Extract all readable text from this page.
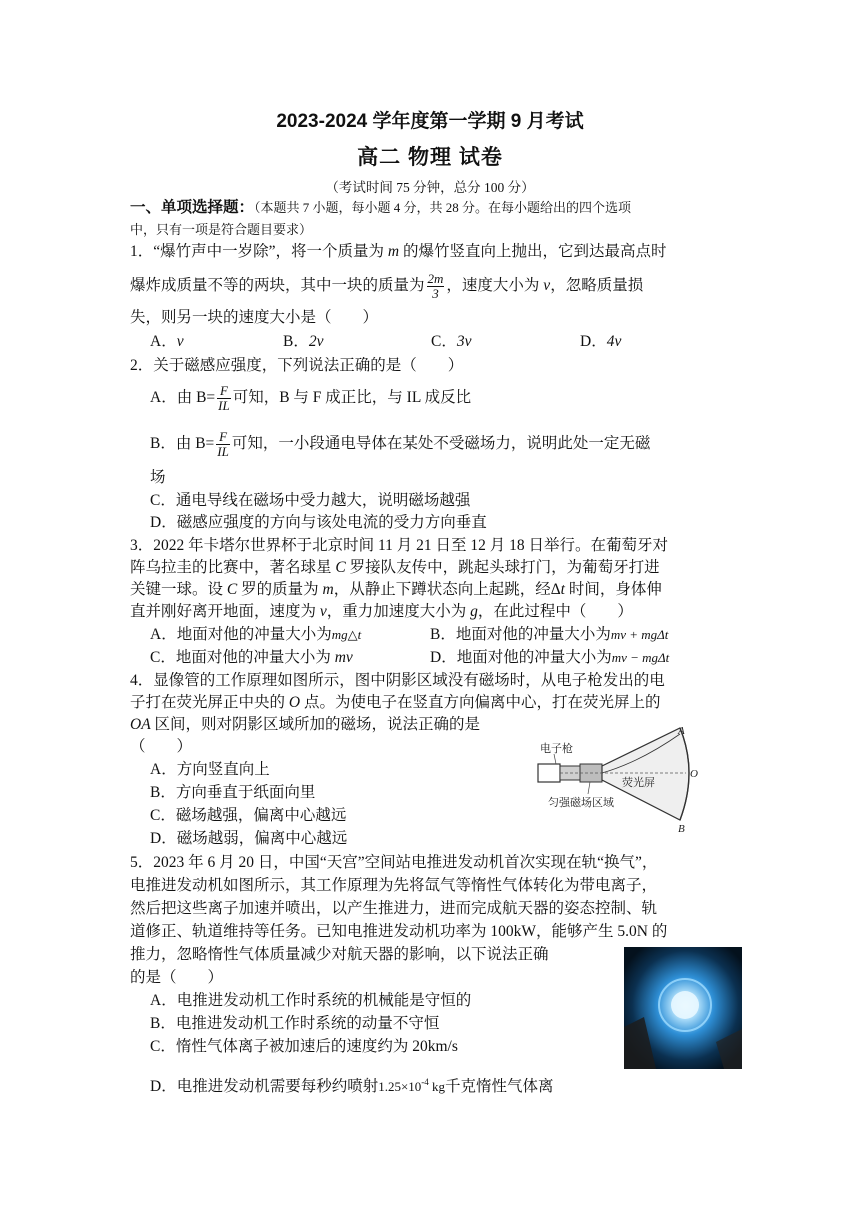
2023-2024 学年度第一学期 9 月考试
高二 物理 试卷
（考试时间 75 分钟，总分 100 分）
一、单项选择题：（本题共 7 小题，每小题 4 分，共 28 分。在每小题给出的四个选项
中，只有一项是符合题目要求）
1．“爆竹声中一岁除”，将一个质量为 m 的爆竹竖直向上抛出，它到达最高点时
爆炸成质量不等的两块，其中一块的质量为 $\frac{2m}{3}$ ，速度大小为 v，忽略质量损
失，则另一块的速度大小是（　　）
A．v	B．2v	C．3v	D．4v
2．关于磁感应强度，下列说法正确的是（　　）
A．由 $B= \frac{F}{IL}$ 可知，B 与 F 成正比，与 IL 成反比
B．由 $B= \frac{F}{IL}$ 可知，一小段通电导体在某处不受磁场力，说明此处一定无磁
场
C．通电导线在磁场中受力越大，说明磁场越强
D．磁感应强度的方向与该处电流的受力方向垂直
3．2022 年卡塔尔世界杯于北京时间 11 月 21 日至 12 月 18 日举行。在葡萄牙对
阵乌拉圭的比赛中，著名球星 C 罗接队友传中，跳起头球打门，为葡萄牙打进
关键一球。设 C 罗的质量为 m，从静止下蹲状态向上起跳，经Δt 时间，身体伸
直并刚好离开地面，速度为 v，重力加速度大小为 g，在此过程中（　　）
A．地面对他的冲量大小为mg△t	B．地面对他的冲量大小为mv + mgΔt
C．地面对他的冲量大小为 mv	D．地面对他的冲量大小为mv − mgΔt
4．显像管的工作原理如图所示，图中阴影区域没有磁场时，从电子枪发出的电
子打在荧光屏正中央的 O 点。为使电子在竖直方向偏离中心，打在荧光屏上的
OA 区间，则对阴影区域所加的磁场，说法正确的是
（　　）
A．方向竖直向上
B．方向垂直于纸面向里
C．磁场越强，偏离中心越远
D．磁场越弱，偏离中心越远
电子枪
荧光屏
匀强磁场区域
A
O
B
5．2023 年 6 月 20 日，中国“天宫”空间站电推进发动机首次实现在轨“换气”，
电推进发动机如图所示，其工作原理为先将氙气等惰性气体转化为带电离子，
然后把这些离子加速并喷出，以产生推进力，进而完成航天器的姿态控制、轨
道修正、轨道维持等任务。已知电推进发动机功率为 100kW，能够产生 5.0N 的
推力，忽略惰性气体质量减少对航天器的影响，以下说法正确
的是（　　）
A．电推进发动机工作时系统的机械能是守恒的
B．电推进发动机工作时系统的动量不守恒
C．惰性气体离子被加速后的速度约为 20km/s
D．电推进发动机需要每秒约喷射$1.25\times 10^{-4}$ kg千克惰性气体离
